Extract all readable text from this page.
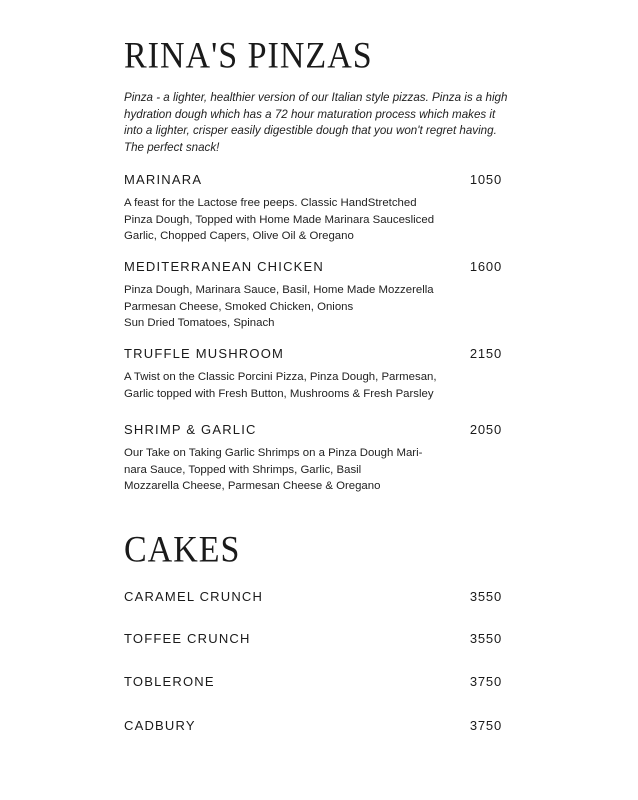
RINA'S PINZAS

Pinza - a lighter, healthier version of our Italian style pizzas. Pinza is a high hydration dough which has a 72 hour maturation process which makes it into a lighter, crisper easily digestible dough that you won't regret having. The perfect snack!

MARINARA	1050
A feast for the Lactose free peeps. Classic HandStretched
Pinza Dough, Topped with Home Made Marinara Saucesliced
Garlic, Chopped Capers, Olive Oil & Oregano
MEDITERRANEAN CHICKEN	1600
Pinza Dough, Marinara Sauce, Basil, Home Made Mozzerella
Parmesan Cheese, Smoked Chicken, Onions
Sun Dried Tomatoes, Spinach
TRUFFLE MUSHROOM	2150
A Twist on the Classic Porcini Pizza, Pinza Dough, Parmesan,
Garlic topped with Fresh Button, Mushrooms & Fresh Parsley
SHRIMP & GARLIC	2050
Our Take on Taking Garlic Shrimps on a Pinza Dough Mari-
nara Sauce, Topped with Shrimps, Garlic, Basil
Mozzarella Cheese, Parmesan Cheese & Oregano
CAKES
CARAMEL CRUNCH	3550
TOFFEE CRUNCH	3550
TOBLERONE	3750
CADBURY	3750
